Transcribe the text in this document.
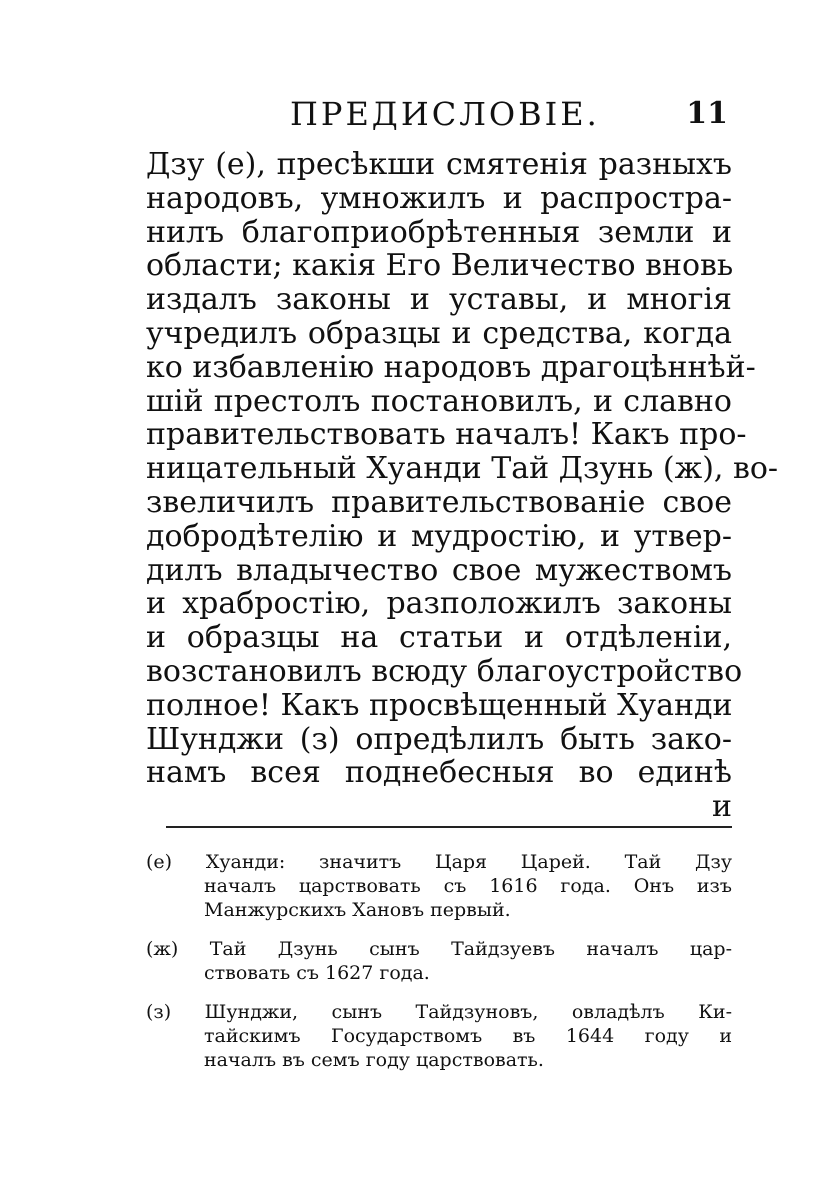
ПРЕДИСЛОВІЕ.	11
Дзу (е), пресѣкши смятенія разныхъ
народовъ, умножилъ и распростра-
нилъ благоприобрѣтенныя земли и
области; какія Его Величество вновь
издалъ законы и уставы, и многія
учредилъ образцы и средства, когда
ко избавленію народовъ драгоцѣннѣй-
шій престолъ постановилъ, и славно
правительствовать началъ! Какъ про-
ницательный Хуанди Тай Дзунь (ж), во-
звеличилъ правительствованіе свое
добродѣтелію и мудростію, и утвер-
дилъ владычество свое мужествомъ
и храбростію, разположилъ законы
и образцы на статьи и отдѣленіи,
возстановилъ всюду благоустройство
полное! Какъ просвѣщенный Хуанди
Шунджи (з) опредѣлилъ быть зако-
намъ всея поднебесныя во единѣ
и
(е) Хуанди: значитъ Царя Царей. Тай Дзу
началъ царствовать съ 1616 года. Онъ изъ
Манжурскихъ Хановъ первый.
(ж) Тай Дзунь сынъ Тайдзуевъ началъ цар-
ствовать съ 1627 года.
(з) Шунджи, сынъ Тайдзуновъ, овладѣлъ Ки-
тайскимъ Государствомъ въ 1644 году и
началъ въ семъ году царствовать.
